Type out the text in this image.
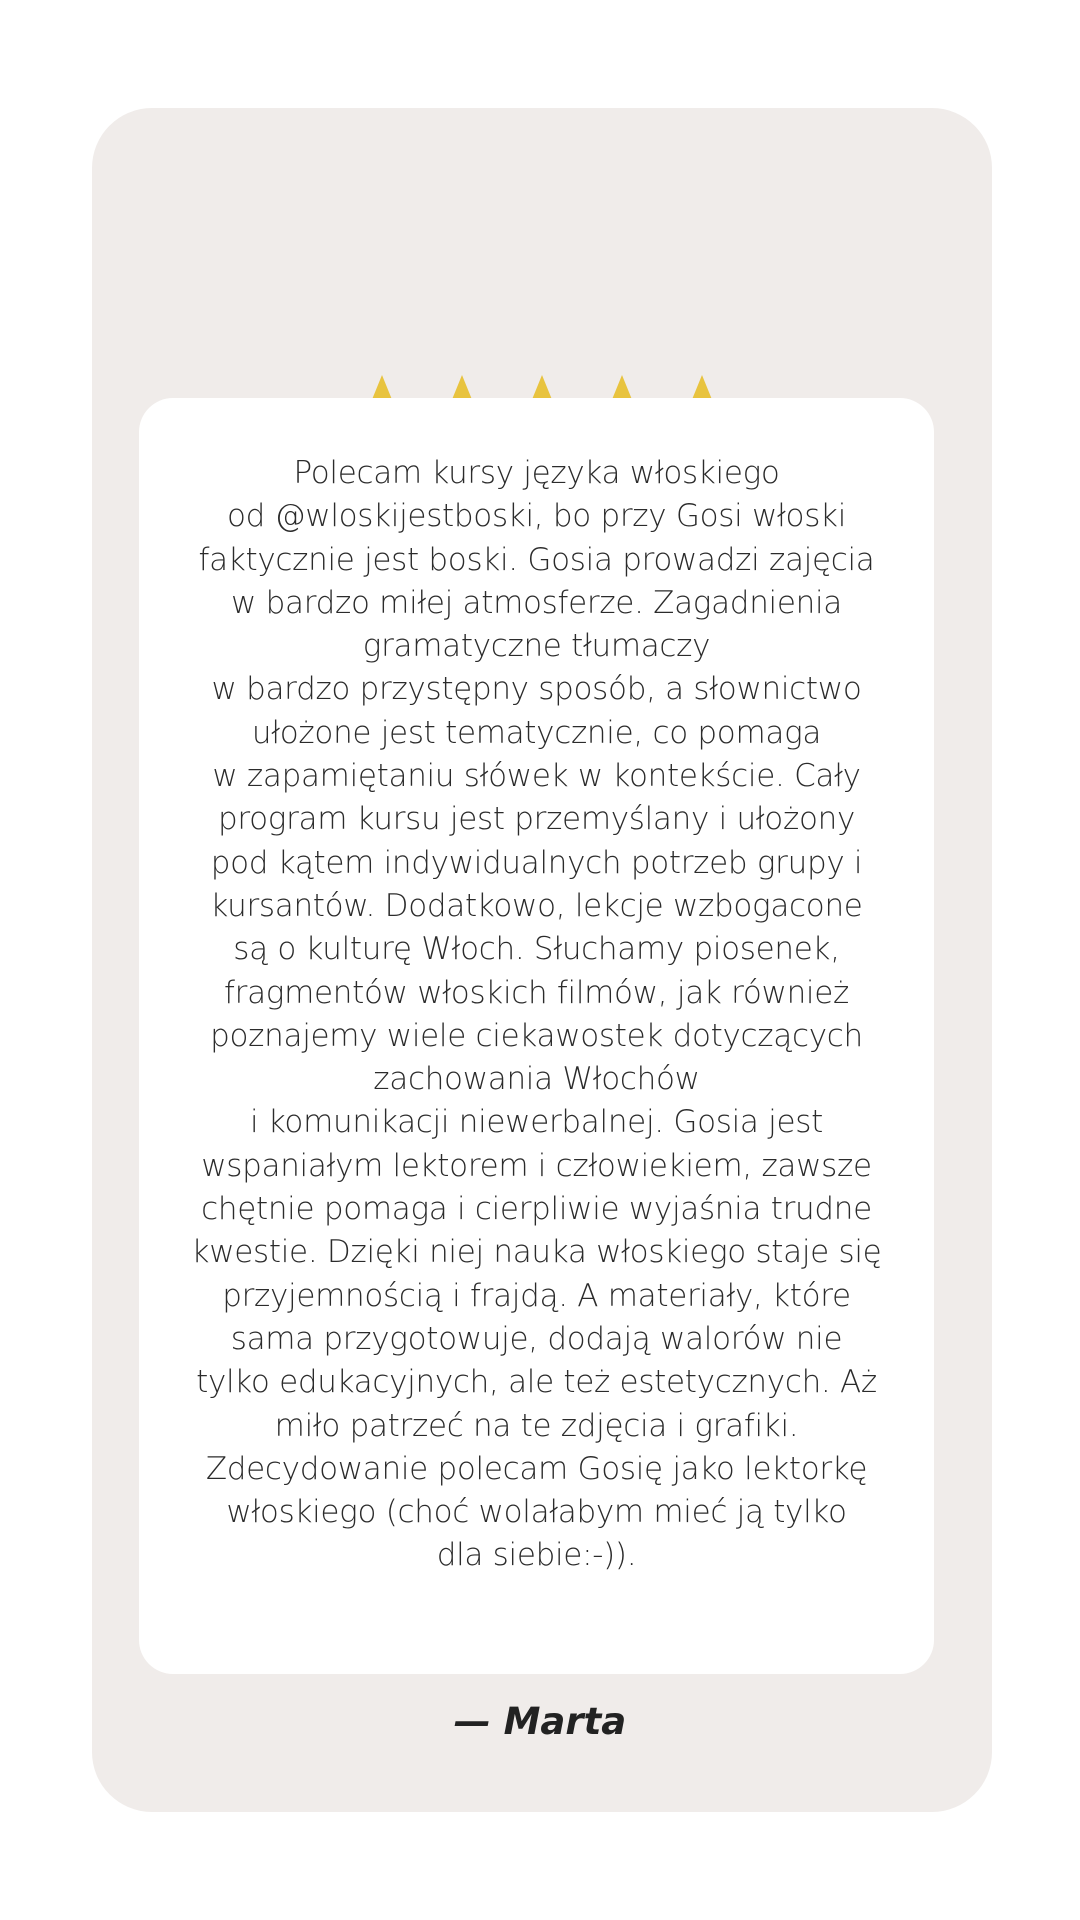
Polecam kursy języka włoskiego
od @wloskijestboski, bo przy Gosi włoski
faktycznie jest boski. Gosia prowadzi zajęcia
w bardzo miłej atmosferze. Zagadnienia
gramatyczne tłumaczy
w bardzo przystępny sposób, a słownictwo
ułożone jest tematycznie, co pomaga
w zapamiętaniu słówek w kontekście. Cały
program kursu jest przemyślany i ułożony
pod kątem indywidualnych potrzeb grupy i
kursantów. Dodatkowo, lekcje wzbogacone
są o kulturę Włoch. Słuchamy piosenek,
fragmentów włoskich filmów, jak również
poznajemy wiele ciekawostek dotyczących
zachowania Włochów
i komunikacji niewerbalnej. Gosia jest
wspaniałym lektorem i człowiekiem, zawsze
chętnie pomaga i cierpliwie wyjaśnia trudne
kwestie. Dzięki niej nauka włoskiego staje się
przyjemnością i frajdą. A materiały, które
sama przygotowuje, dodają walorów nie
tylko edukacyjnych, ale też estetycznych. Aż
miło patrzeć na te zdjęcia i grafiki.
Zdecydowanie polecam Gosię jako lektorkę
włoskiego (choć wolałabym mieć ją tylko
dla siebie:-)).

— Marta
